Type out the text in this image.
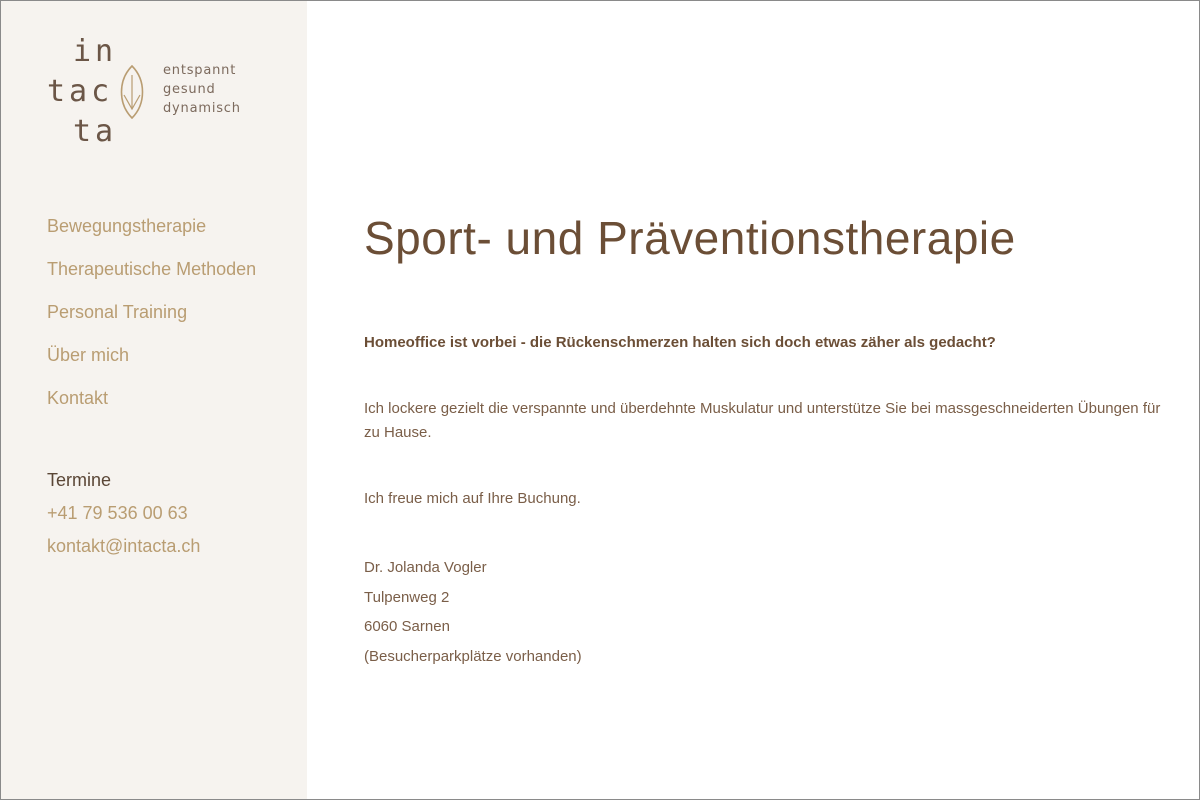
in
tac
ta
entspannt
gesund
dynamisch
Bewegungstherapie
Therapeutische Methoden
Personal Training
Über mich
Kontakt
Termine
+41 79 536 00 63
kontakt@intacta.ch
Sport- und Präventionstherapie

Homeoffice ist vorbei - die Rückenschmerzen halten sich doch etwas zäher als gedacht?

Ich lockere gezielt die verspannte und überdehnte Muskulatur und unterstütze Sie bei massgeschneiderten Übungen für zu Hause.

Ich freue mich auf Ihre Buchung.

Dr. Jolanda Vogler
Tulpenweg 2
6060 Sarnen
(Besucherparkplätze vorhanden)
